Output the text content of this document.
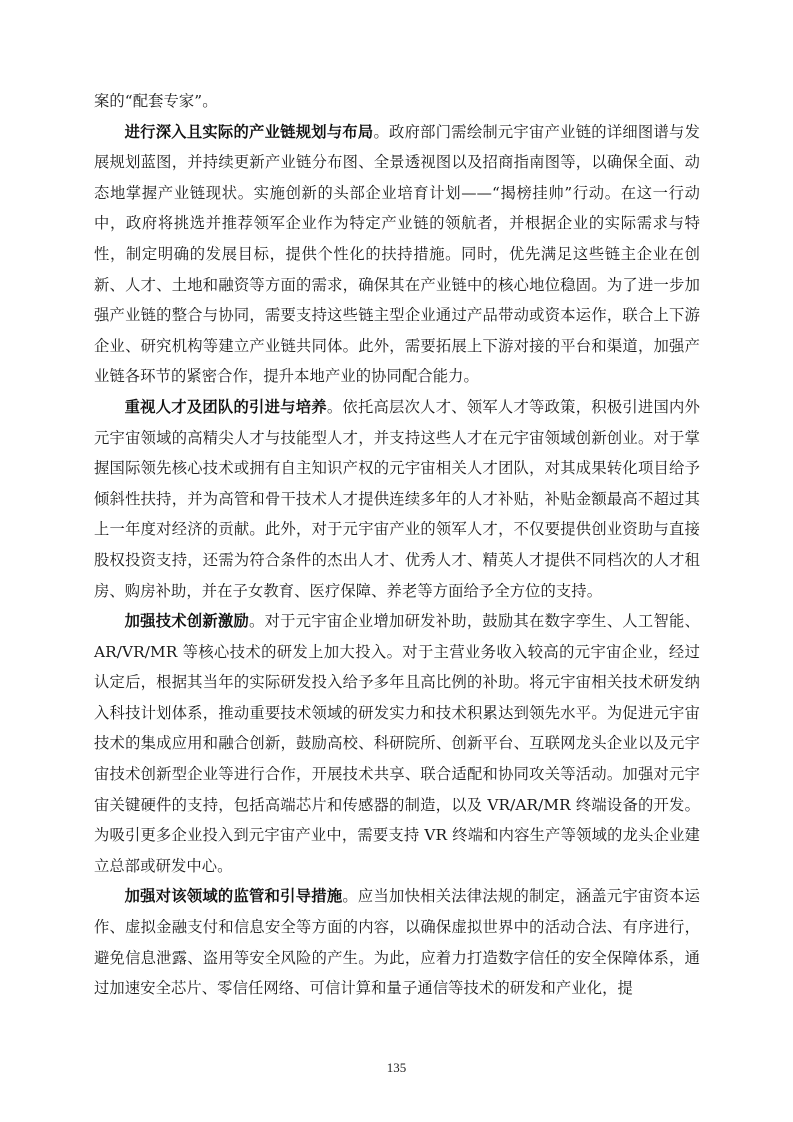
案的“配套专家”。

进行深入且实际的产业链规划与布局。政府部门需绘制元宇宙产业链的详细图谱与发展规划蓝图，并持续更新产业链分布图、全景透视图以及招商指南图等，以确保全面、动态地掌握产业链现状。实施创新的头部企业培育计划——“揭榜挂帅”行动。在这一行动中，政府将挑选并推荐领军企业作为特定产业链的领航者，并根据企业的实际需求与特性，制定明确的发展目标，提供个性化的扶持措施。同时，优先满足这些链主企业在创新、人才、土地和融资等方面的需求，确保其在产业链中的核心地位稳固。为了进一步加强产业链的整合与协同，需要支持这些链主型企业通过产品带动或资本运作，联合上下游企业、研究机构等建立产业链共同体。此外，需要拓展上下游对接的平台和渠道，加强产业链各环节的紧密合作，提升本地产业的协同配合能力。

重视人才及团队的引进与培养。依托高层次人才、领军人才等政策，积极引进国内外元宇宙领域的高精尖人才与技能型人才，并支持这些人才在元宇宙领域创新创业。对于掌握国际领先核心技术或拥有自主知识产权的元宇宙相关人才团队，对其成果转化项目给予倾斜性扶持，并为高管和骨干技术人才提供连续多年的人才补贴，补贴金额最高不超过其上一年度对经济的贡献。此外，对于元宇宙产业的领军人才，不仅要提供创业资助与直接股权投资支持，还需为符合条件的杰出人才、优秀人才、精英人才提供不同档次的人才租房、购房补助，并在子女教育、医疗保障、养老等方面给予全方位的支持。

加强技术创新激励。对于元宇宙企业增加研发补助，鼓励其在数字孪生、人工智能、AR/VR/MR 等核心技术的研发上加大投入。对于主营业务收入较高的元宇宙企业，经过认定后，根据其当年的实际研发投入给予多年且高比例的补助。将元宇宙相关技术研发纳入科技计划体系，推动重要技术领域的研发实力和技术积累达到领先水平。为促进元宇宙技术的集成应用和融合创新，鼓励高校、科研院所、创新平台、互联网龙头企业以及元宇宙技术创新型企业等进行合作，开展技术共享、联合适配和协同攻关等活动。加强对元宇宙关键硬件的支持，包括高端芯片和传感器的制造，以及 VR/AR/MR 终端设备的开发。为吸引更多企业投入到元宇宙产业中，需要支持 VR 终端和内容生产等领域的龙头企业建立总部或研发中心。

加强对该领域的监管和引导措施。应当加快相关法律法规的制定，涵盖元宇宙资本运作、虚拟金融支付和信息安全等方面的内容，以确保虚拟世界中的活动合法、有序进行，避免信息泄露、盗用等安全风险的产生。为此，应着力打造数字信任的安全保障体系，通过加速安全芯片、零信任网络、可信计算和量子通信等技术的研发和产业化，提

135
